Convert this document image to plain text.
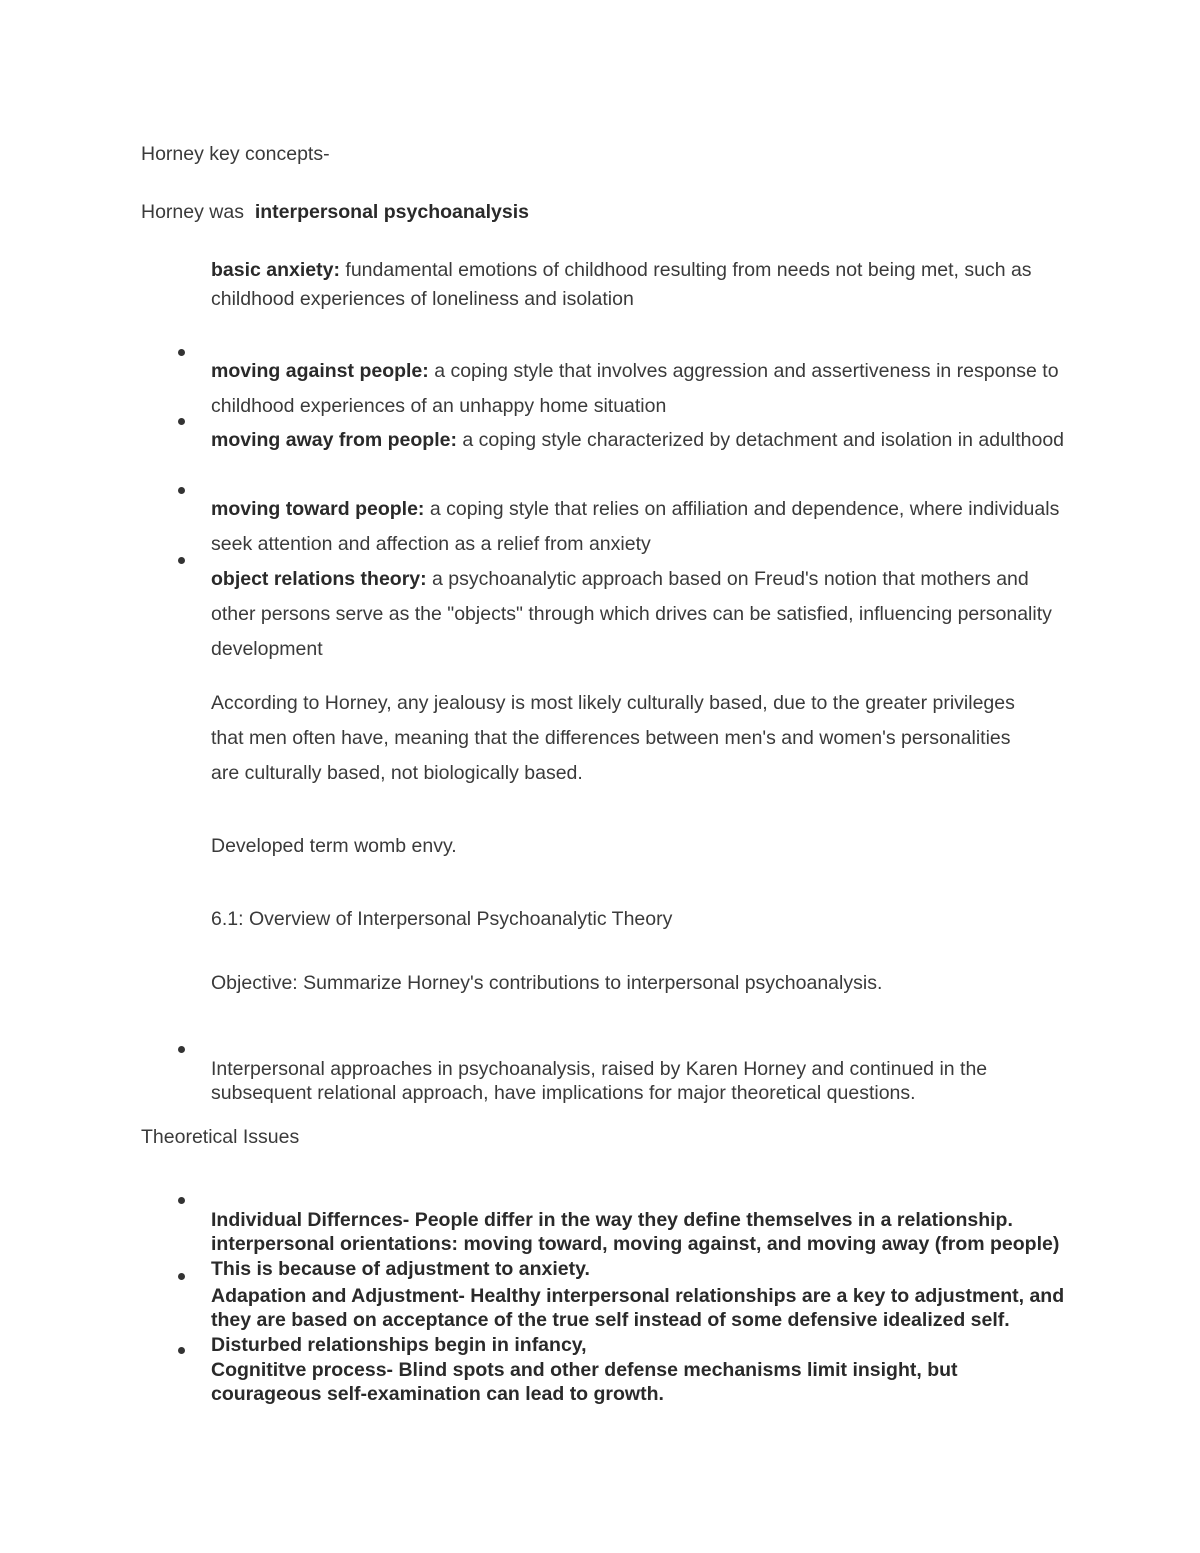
Horney key concepts-

Horney was interpersonal psychoanalysis

basic anxiety: fundamental emotions of childhood resulting from needs not being met, such as childhood experiences of loneliness and isolation

moving against people: a coping style that involves aggression and assertiveness in response to childhood experiences of an unhappy home situation

moving away from people: a coping style characterized by detachment and isolation in adulthood

moving toward people: a coping style that relies on affiliation and dependence, where individuals seek attention and affection as a relief from anxiety

object relations theory: a psychoanalytic approach based on Freud's notion that mothers and other persons serve as the "objects" through which drives can be satisfied, influencing personality development

According to Horney, any jealousy is most likely culturally based, due to the greater privileges that men often have, meaning that the differences between men's and women's personalities are culturally based, not biologically based.

Developed term womb envy.

6.1: Overview of Interpersonal Psychoanalytic Theory

Objective: Summarize Horney's contributions to interpersonal psychoanalysis.

Interpersonal approaches in psychoanalysis, raised by Karen Horney and continued in the subsequent relational approach, have implications for major theoretical questions.

Theoretical Issues

Individual Differnces- People differ in the way they define themselves in a relationship. interpersonal orientations: moving toward, moving against, and moving away (from people) This is because of adjustment to anxiety.

Adapation and Adjustment- Healthy interpersonal relationships are a key to adjustment, and they are based on acceptance of the true self instead of some defensive idealized self. Disturbed relationships begin in infancy,

Cognititve process- Blind spots and other defense mechanisms limit insight, but courageous self-examination can lead to growth.
